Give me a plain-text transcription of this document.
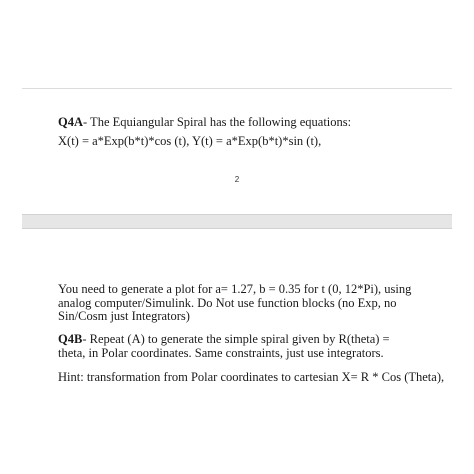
Q4A- The Equiangular Spiral has the following equations:
X(t) = a*Exp(b*t)*cos (t), Y(t) = a*Exp(b*t)*sin (t),
2
You need to generate a plot for a= 1.27, b = 0.35 for t (0, 12*Pi), using analog computer/Simulink. Do Not use function blocks (no Exp, no Sin/Cosm just Integrators)
Q4B- Repeat (A) to generate the simple spiral given by R(theta) = theta, in Polar coordinates. Same constraints, just use integrators.
Hint: transformation from Polar coordinates to cartesian X= R * Cos (Theta),
